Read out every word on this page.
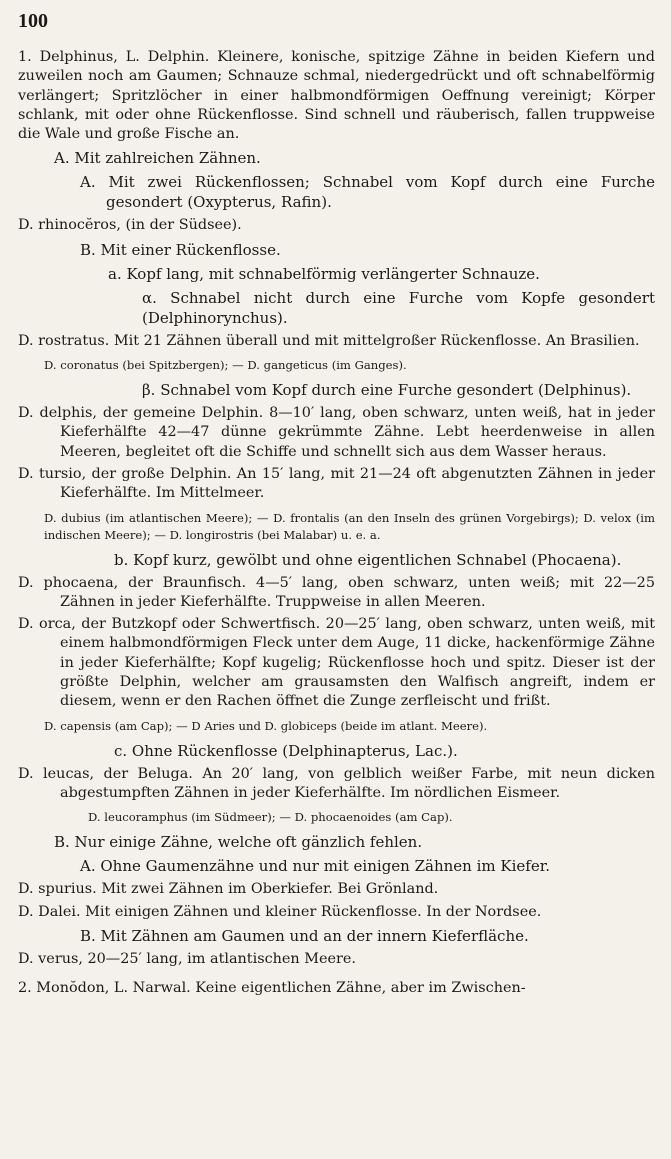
100
1. Delphinus, L. Delphin. Kleinere, konische, spitzige Zähne in beiden Kiefern und zuweilen noch am Gaumen; Schnauze schmal, niedergedrückt und oft schnabelförmig verlängert; Spritzlöcher in einer halbmondförmigen Oeffnung vereinigt; Körper schlank, mit oder ohne Rückenflosse. Sind schnell und räuberisch, fallen truppweise die Wale und große Fische an.
A. Mit zahlreichen Zähnen.
A. Mit zwei Rückenflossen; Schnabel vom Kopf durch eine Furche gesondert (Oxypterus, Rafin).
D. rhinocĕros, (in der Südsee).
B. Mit einer Rückenflosse.
a. Kopf lang, mit schnabelförmig verlängerter Schnauze.
α. Schnabel nicht durch eine Furche vom Kopfe gesondert (Delphinorynchus).
D. rostratus. Mit 21 Zähnen überall und mit mittelgroßer Rückenflosse. An Brasilien.
D. coronatus (bei Spitzbergen); — D. gangeticus (im Ganges).
β. Schnabel vom Kopf durch eine Furche gesondert (Delphinus).
D. delphis, der gemeine Delphin. 8—10′ lang, oben schwarz, unten weiß, hat in jeder Kieferhälfte 42—47 dünne gekrümmte Zähne. Lebt heerdenweise in allen Meeren, begleitet oft die Schiffe und schnellt sich aus dem Wasser heraus.
D. tursio, der große Delphin. An 15′ lang, mit 21—24 oft abgenutzten Zähnen in jeder Kieferhälfte. Im Mittelmeer.
D. dubius (im atlantischen Meere); — D. frontalis (an den Inseln des grünen Vorgebirgs); D. velox (im indischen Meere); — D. longirostris (bei Malabar) u. e. a.
b. Kopf kurz, gewölbt und ohne eigentlichen Schnabel (Phocaena).
D. phocaena, der Braunfisch. 4—5′ lang, oben schwarz, unten weiß; mit 22—25 Zähnen in jeder Kieferhälfte. Truppweise in allen Meeren.
D. orca, der Butzkopf oder Schwertfisch. 20—25′ lang, oben schwarz, unten weiß, mit einem halbmondförmigen Fleck unter dem Auge, 11 dicke, hackenförmige Zähne in jeder Kieferhälfte; Kopf kugelig; Rückenflosse hoch und spitz. Dieser ist der größte Delphin, welcher am grausamsten den Walfisch angreift, indem er diesem, wenn er den Rachen öffnet die Zunge zerfleischt und frißt.
D. capensis (am Cap); — D Aries und D. globiceps (beide im atlant. Meere).
c. Ohne Rückenflosse (Delphinapterus, Lac.).
D. leucas, der Beluga. An 20′ lang, von gelblich weißer Farbe, mit neun dicken abgestumpften Zähnen in jeder Kieferhälfte. Im nördlichen Eismeer.
D. leucoramphus (im Südmeer); — D. phocaenoides (am Cap).
B. Nur einige Zähne, welche oft gänzlich fehlen.
A. Ohne Gaumenzähne und nur mit einigen Zähnen im Kiefer.
D. spurius. Mit zwei Zähnen im Oberkiefer. Bei Grönland.
D. Dalei. Mit einigen Zähnen und kleiner Rückenflosse. In der Nordsee.
B. Mit Zähnen am Gaumen und an der innern Kieferfläche.
D. verus, 20—25′ lang, im atlantischen Meere.
2. Monŏdon, L. Narwal. Keine eigentlichen Zähne, aber im Zwischen-
